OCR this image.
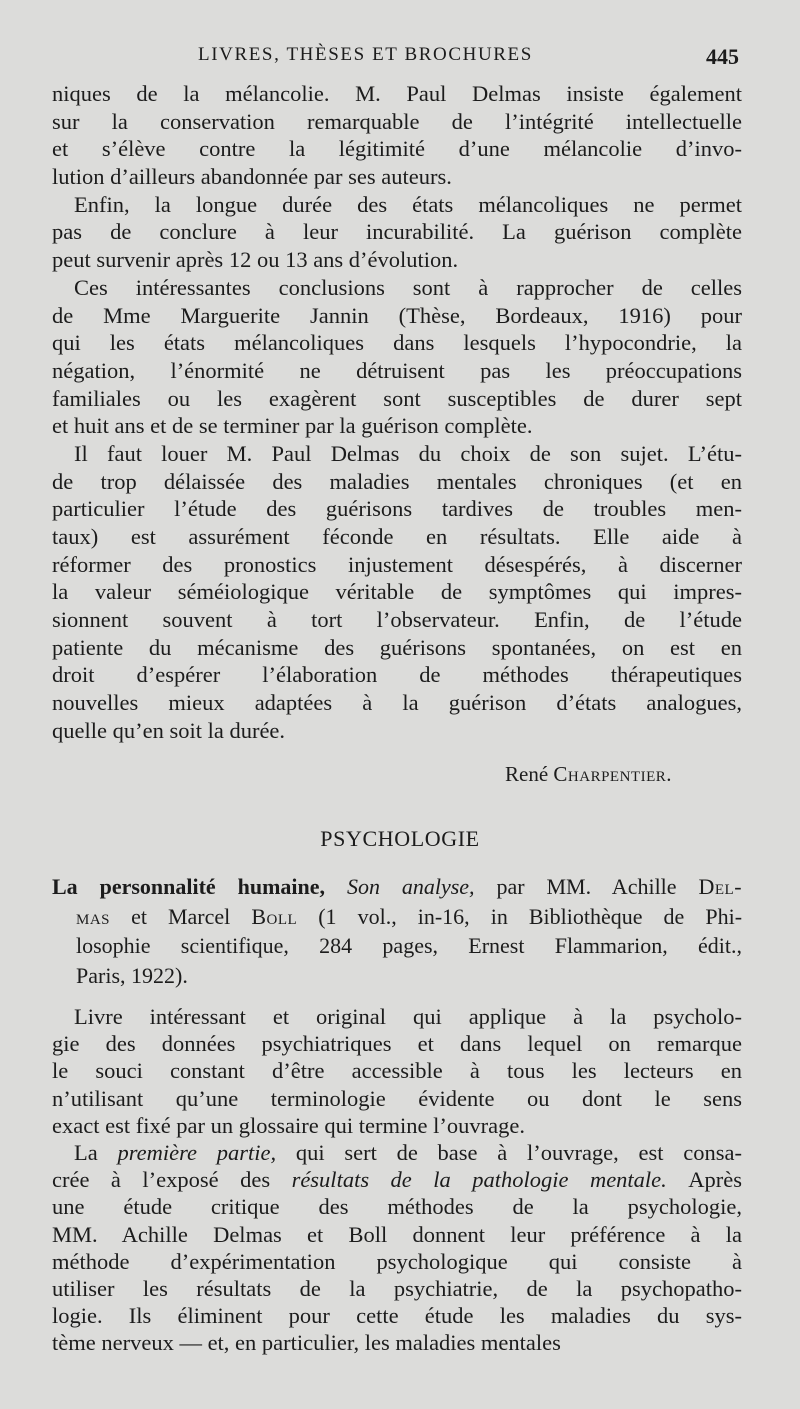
LIVRES, THÈSES ET BROCHURES	445
niques de la mélancolie. M. Paul Delmas insiste également
sur la conservation remarquable de l’intégrité intellectuelle
et s’élève contre la légitimité d’une mélancolie d’invo-
lution d’ailleurs abandonnée par ses auteurs.
Enfin, la longue durée des états mélancoliques ne permet
pas de conclure à leur incurabilité. La guérison complète
peut survenir après 12 ou 13 ans d’évolution.
Ces intéressantes conclusions sont à rapprocher de celles
de Mme Marguerite Jannin (Thèse, Bordeaux, 1916) pour
qui les états mélancoliques dans lesquels l’hypocondrie, la
négation, l’énormité ne détruisent pas les préoccupations
familiales ou les exagèrent sont susceptibles de durer sept
et huit ans et de se terminer par la guérison complète.
Il faut louer M. Paul Delmas du choix de son sujet. L’étu-
de trop délaissée des maladies mentales chroniques (et en
particulier l’étude des guérisons tardives de troubles men-
taux) est assurément féconde en résultats. Elle aide à
réformer des pronostics injustement désespérés, à discerner
la valeur séméiologique véritable de symptômes qui impres-
sionnent souvent à tort l’observateur. Enfin, de l’étude
patiente du mécanisme des guérisons spontanées, on est en
droit d’espérer l’élaboration de méthodes thérapeutiques
nouvelles mieux adaptées à la guérison d’états analogues,
quelle qu’en soit la durée.
René Charpentier.
PSYCHOLOGIE
La personnalité humaine, Son analyse, par MM. Achille Del-
mas et Marcel Boll (1 vol., in-16, in Bibliothèque de Phi-
losophie scientifique, 284 pages, Ernest Flammarion, édit.,
Paris, 1922).
Livre intéressant et original qui applique à la psycholo-
gie des données psychiatriques et dans lequel on remarque
le souci constant d’être accessible à tous les lecteurs en
n’utilisant qu’une terminologie évidente ou dont le sens
exact est fixé par un glossaire qui termine l’ouvrage.
La première partie, qui sert de base à l’ouvrage, est consa-
crée à l’exposé des résultats de la pathologie mentale. Après
une étude critique des méthodes de la psychologie,
MM. Achille Delmas et Boll donnent leur préférence à la
méthode d’expérimentation psychologique qui consiste à
utiliser les résultats de la psychiatrie, de la psychopatho-
logie. Ils éliminent pour cette étude les maladies du sys-
tème nerveux — et, en particulier, les maladies mentales
